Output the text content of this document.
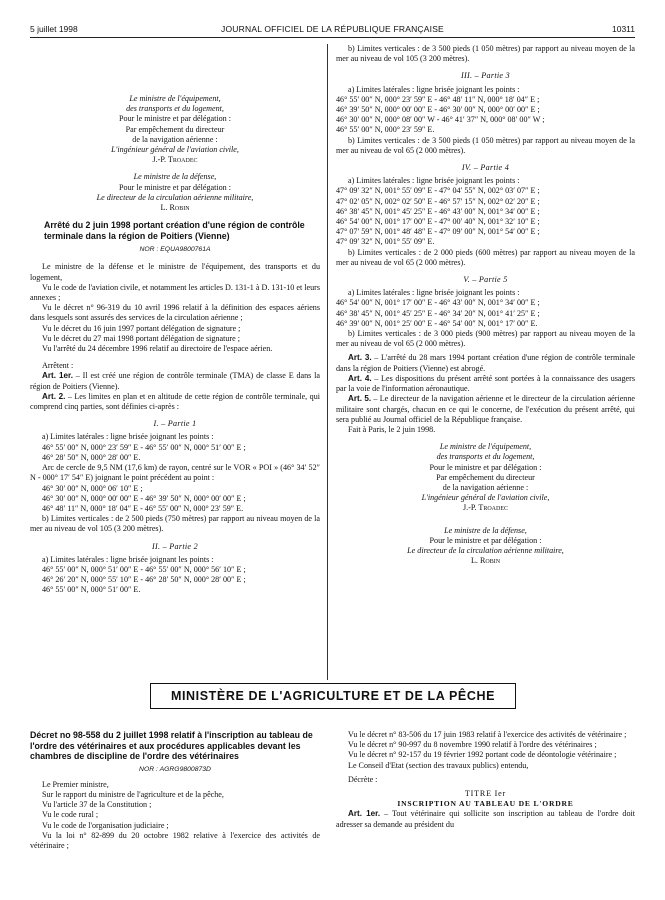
5 juillet 1998	JOURNAL OFFICIEL DE LA RÉPUBLIQUE FRANÇAISE	10311

Le ministre de l'équipement,

des transports et du logement,

Pour le ministre et par délégation :

Par empêchement du directeur

de la navigation aérienne :

L'ingénieur général de l'aviation civile,

J.-P. Troadec

Le ministre de la défense,

Pour le ministre et par délégation :

Le directeur de la circulation aérienne militaire,

L. Robin

Arrêté du 2 juin 1998 portant création d'une région de contrôle terminale dans la région de Poitiers (Vienne)

NOR : EQUA9800761A

Le ministre de la défense et le ministre de l'équipement, des transports et du logement,

Vu le code de l'aviation civile, et notamment les articles D. 131-1 à D. 131-10 et leurs annexes ;

Vu le décret n° 96-319 du 10 avril 1996 relatif à la définition des espaces aériens dans lesquels sont assurés des services de la circulation aérienne ;

Vu le décret du 16 juin 1997 portant délégation de signature ;

Vu le décret du 27 mai 1998 portant délégation de signature ;

Vu l'arrêté du 24 décembre 1996 relatif au directoire de l'espace aérien.

Arrêtent :

Art. 1er. – Il est créé une région de contrôle terminale (TMA) de classe E dans la région de Poitiers (Vienne).

Art. 2. – Les limites en plan et en altitude de cette région de contrôle terminale, qui comprend cinq parties, sont définies ci-après :

I. – Partie 1

a) Limites latérales : ligne brisée joignant les points :

46° 55′ 00″ N, 000° 23′ 59″ E - 46° 55′ 00″ N, 000° 51′ 00″ E ;

46° 28′ 50″ N, 000° 28′ 00″ E.

Arc de cercle de 9,5 NM (17,6 km) de rayon, centré sur le VOR « POI » (46° 34′ 52″ N - 000° 17′ 54″ E) joignant le point précédent au point :

46° 30′ 00″ N, 000° 06′ 10″ E ;

46° 30′ 00″ N, 000° 00′ 00″ E - 46° 39′ 50″ N, 000° 00′ 00″ E ;

46° 48′ 11″ N, 000° 18′ 04″ E - 46° 55′ 00″ N, 000° 23′ 59″ E.

b) Limites verticales : de 2 500 pieds (750 mètres) par rapport au niveau moyen de la mer au niveau de vol 105 (3 200 mètres).

II. – Partie 2

a) Limites latérales : ligne brisée joignant les points :

46° 55′ 00″ N, 000° 51′ 00″ E - 46° 55′ 00″ N, 000° 56′ 10″ E ;

46° 26′ 20″ N, 000° 55′ 10″ E - 46° 28′ 50″ N, 000° 28′ 00″ E ;

46° 55′ 00″ N, 000° 51′ 00″ E.

b) Limites verticales : de 3 500 pieds (1 050 mètres) par rapport au niveau moyen de la mer au niveau de vol 105 (3 200 mètres).

III. – Partie 3

a) Limites latérales : ligne brisée joignant les points :

46° 55′ 00″ N, 000° 23′ 59″ E - 46° 48′ 11″ N, 000° 18′ 04″ E ;

46° 39′ 50″ N, 000° 00′ 00″ E - 46° 30′ 00″ N, 000° 00′ 00″ E ;

46° 30′ 00″ N, 000° 08′ 00″ W - 46° 41′ 37″ N, 000° 08′ 00″ W ;

46° 55′ 00″ N, 000° 23′ 59″ E.

b) Limites verticales : de 3 500 pieds (1 050 mètres) par rapport au niveau moyen de la mer au niveau de vol 65 (2 000 mètres).

IV. – Partie 4

a) Limites latérales : ligne brisée joignant les points :

47° 09′ 32″ N, 001° 55′ 09″ E - 47° 04′ 55″ N, 002° 03′ 07″ E ;

47° 02′ 05″ N, 002° 02′ 50″ E - 46° 57′ 15″ N, 002° 02′ 20″ E ;

46° 38′ 45″ N, 001° 45′ 25″ E - 46° 43′ 00″ N, 001° 34′ 00″ E ;

46° 54′ 00″ N, 001° 17′ 00″ E - 47° 00′ 40″ N, 001° 32′ 10″ E ;

47° 07′ 59″ N, 001° 48′ 48″ E - 47° 09′ 00″ N, 001° 54′ 00″ E ;

47° 09′ 32″ N, 001° 55′ 09″ E.

b) Limites verticales : de 2 000 pieds (600 mètres) par rapport au niveau moyen de la mer au niveau de vol 65 (2 000 mètres).

V. – Partie 5

a) Limites latérales : ligne brisée joignant les points :

46° 54′ 00″ N, 001° 17′ 00″ E - 46° 43′ 00″ N, 001° 34′ 00″ E ;

46° 38′ 45″ N, 001° 45′ 25″ E - 46° 34′ 20″ N, 001° 41′ 25″ E ;

46° 39′ 00″ N, 001° 25′ 00″ E - 46° 54′ 00″ N, 001° 17′ 00″ E.

b) Limites verticales : de 3 000 pieds (900 mètres) par rapport au niveau moyen de la mer au niveau de vol 65 (2 000 mètres).

Art. 3. – L'arrêté du 28 mars 1994 portant création d'une région de contrôle terminale dans la région de Poitiers (Vienne) est abrogé.

Art. 4. – Les dispositions du présent arrêté sont portées à la connaissance des usagers par la voie de l'information aéronautique.

Art. 5. – Le directeur de la navigation aérienne et le directeur de la circulation aérienne militaire sont chargés, chacun en ce qui le concerne, de l'exécution du présent arrêté, qui sera publié au Journal officiel de la République française.

Fait à Paris, le 2 juin 1998.

Le ministre de l'équipement,

des transports et du logement,

Pour le ministre et par délégation :

Par empêchement du directeur

de la navigation aérienne :

L'ingénieur général de l'aviation civile,

J.-P. Troadec

Le ministre de la défense,

Pour le ministre et par délégation :

Le directeur de la circulation aérienne militaire,

L. Robin

MINISTÈRE DE L'AGRICULTURE ET DE LA PÊCHE

Décret no 98-558 du 2 juillet 1998 relatif à l'inscription au tableau de l'ordre des vétérinaires et aux procédures applicables devant les chambres de discipline de l'ordre des vétérinaires

NOR : AGRG9800873D

Le Premier ministre,

Sur le rapport du ministre de l'agriculture et de la pêche,

Vu l'article 37 de la Constitution ;

Vu le code rural ;

Vu le code de l'organisation judiciaire ;

Vu la loi n° 82-899 du 20 octobre 1982 relative à l'exercice des activités de vétérinaire ;

Vu le décret n° 83-506 du 17 juin 1983 relatif à l'exercice des activités de vétérinaire ;

Vu le décret n° 90-997 du 8 novembre 1990 relatif à l'ordre des vétérinaires ;

Vu le décret n° 92-157 du 19 février 1992 portant code de déontologie vétérinaire ;

Le Conseil d'Etat (section des travaux publics) entendu,

Décrète :

TITRE Ier

INSCRIPTION AU TABLEAU DE L'ORDRE

Art. 1er. – Tout vétérinaire qui sollicite son inscription au tableau de l'ordre doit adresser sa demande au président du
